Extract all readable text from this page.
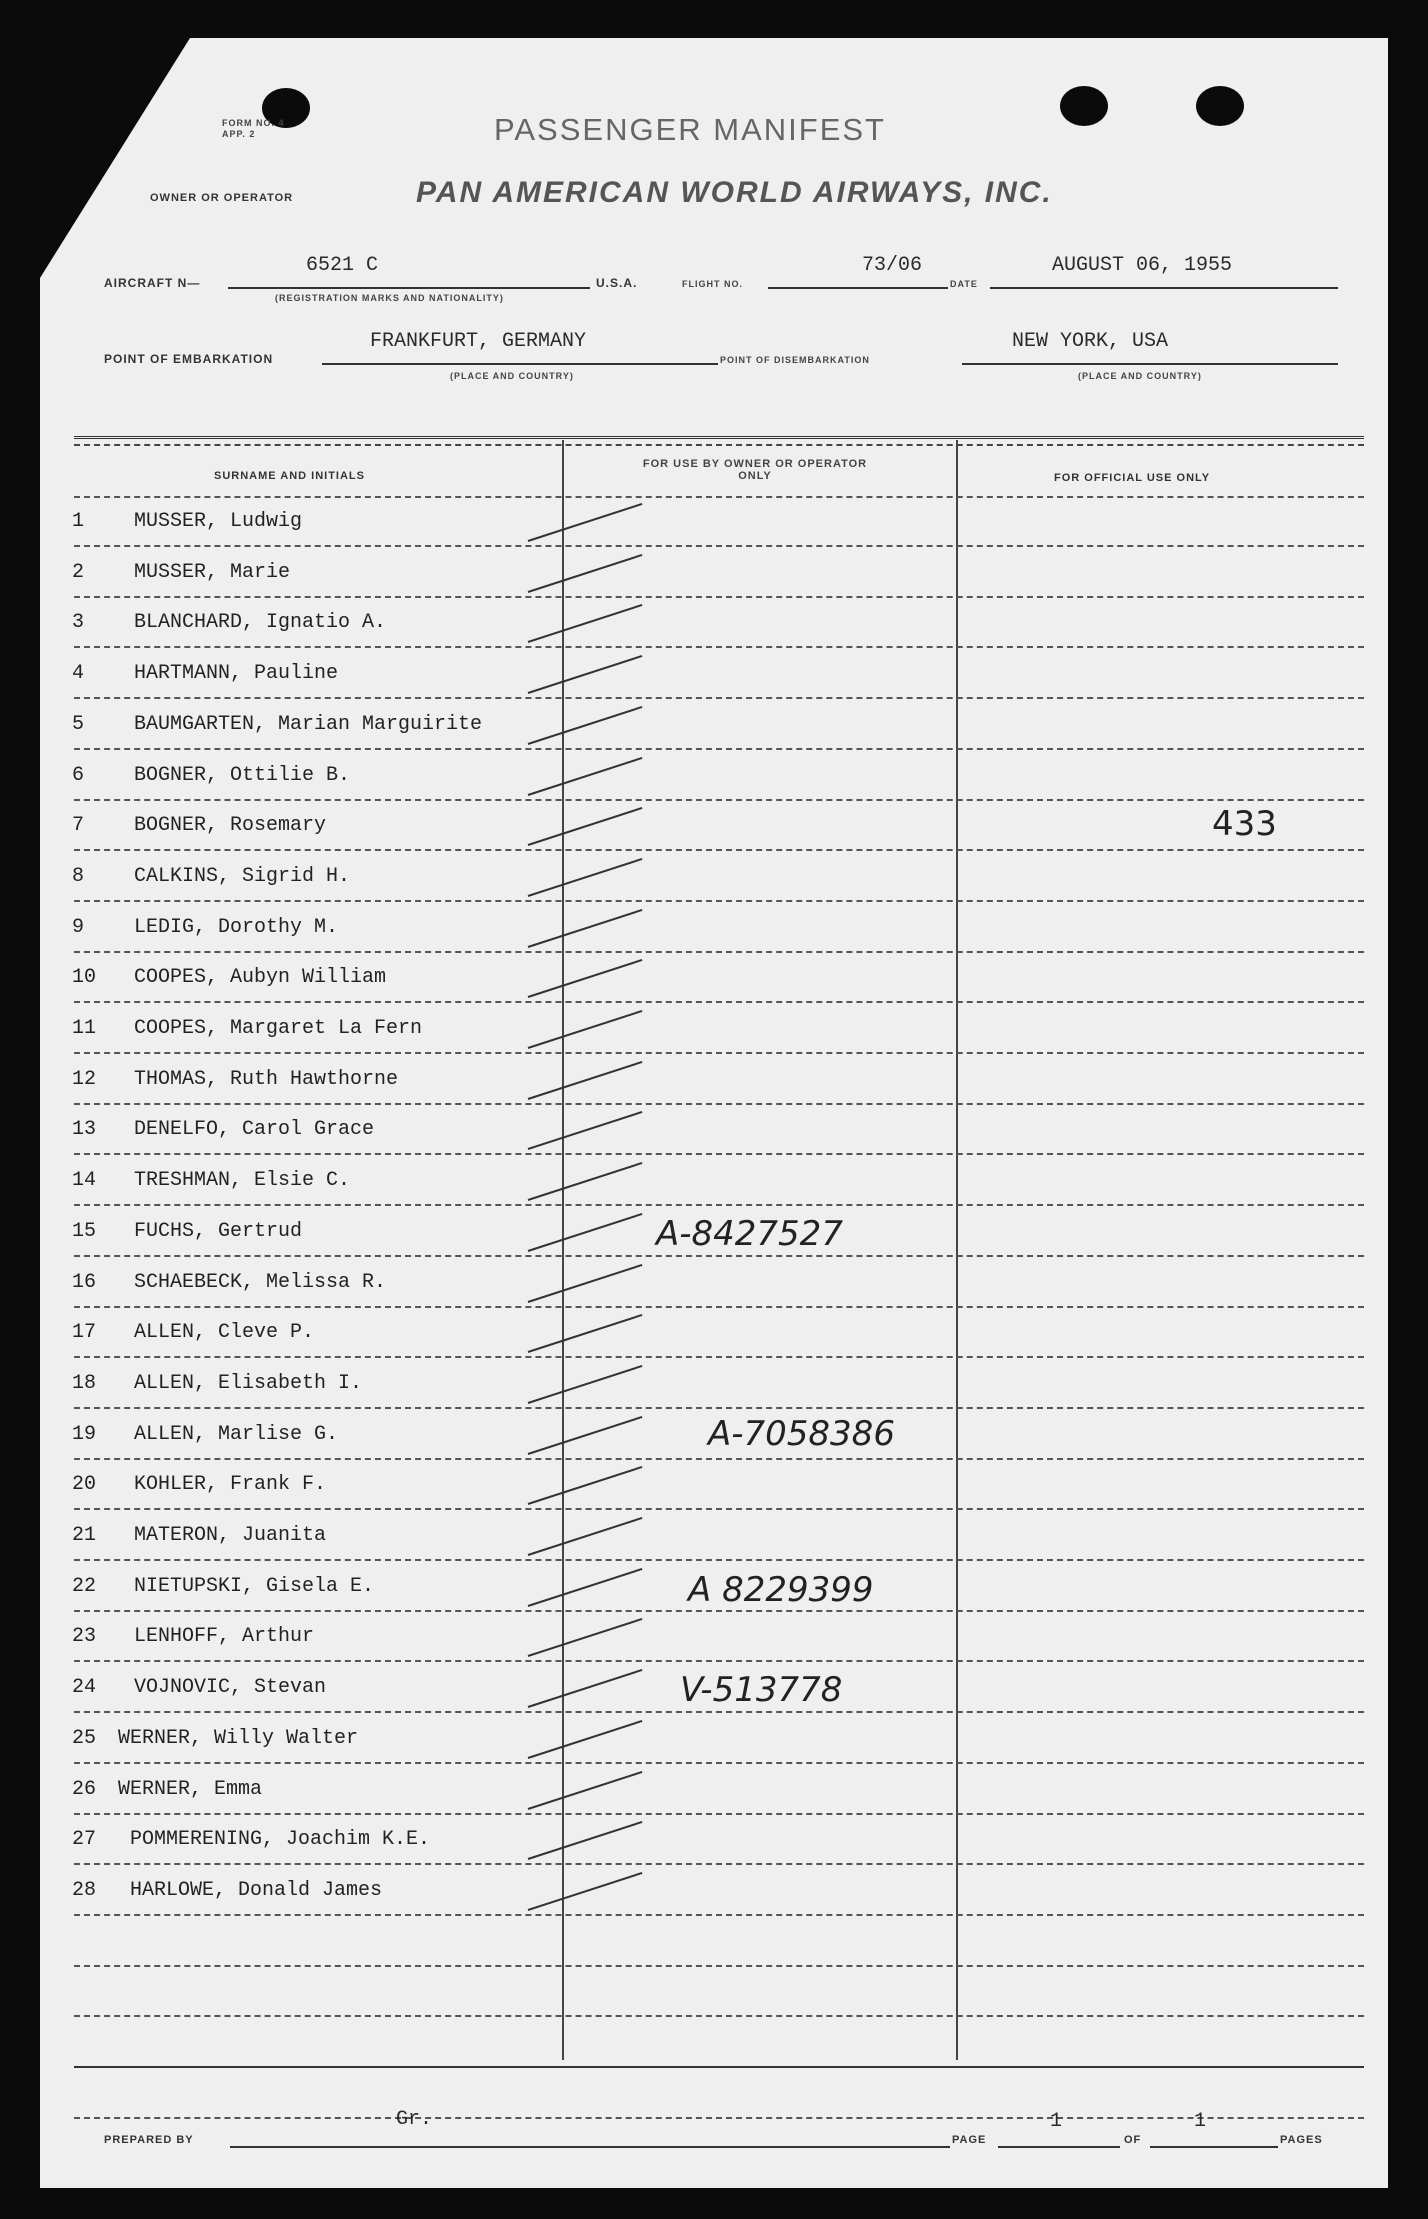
FORM NO. 4
APP. 2
OWNER OR OPERATOR
PASSENGER MANIFEST
PAN AMERICAN WORLD AIRWAYS, INC.
AIRCRAFT N—
6521 C
(REGISTRATION MARKS AND NATIONALITY)
U.S.A.	FLIGHT NO.
73/06
DATE
AUGUST 06, 1955
POINT OF EMBARKATION
FRANKFURT, GERMANY
(PLACE AND COUNTRY)
POINT OF DISEMBARKATION
NEW YORK, USA
(PLACE AND COUNTRY)
SURNAME AND INITIALS
FOR USE BY OWNER OR OPERATOR ONLY	FOR OFFICIAL USE ONLY
1 MUSSER, Ludwig
2 MUSSER, Marie
3 BLANCHARD, Ignatio A.
4 HARTMANN, Pauline
5 BAUMGARTEN, Marian Marguirite
6 BOGNER, Ottilie B.
7 BOGNER, Rosemary
8 CALKINS, Sigrid H.
9 LEDIG, Dorothy M.
10 COOPES, Aubyn William
11 COOPES, Margaret La Fern
12 THOMAS, Ruth Hawthorne
13 DENELFO, Carol Grace
14 TRESHMAN, Elsie C.
15 FUCHS, Gertrud
16 SCHAEBECK, Melissa R.
17 ALLEN, Cleve P.
18 ALLEN, Elisabeth I.
19 ALLEN, Marlise G.
20 KOHLER, Frank F.
21 MATERON, Juanita
22 NIETUPSKI, Gisela E.
23 LENHOFF, Arthur
24 VOJNOVIC, Stevan
25 WERNER, Willy Walter
26 WERNER, Emma
27 POMMERENING, Joachim K.E.
28 HARLOWE, Donald James
433
A-8427527
A-7058386
A 8229399
V-513778
PREPARED BY
Gr.
PAGE
1
OF
1
PAGES
